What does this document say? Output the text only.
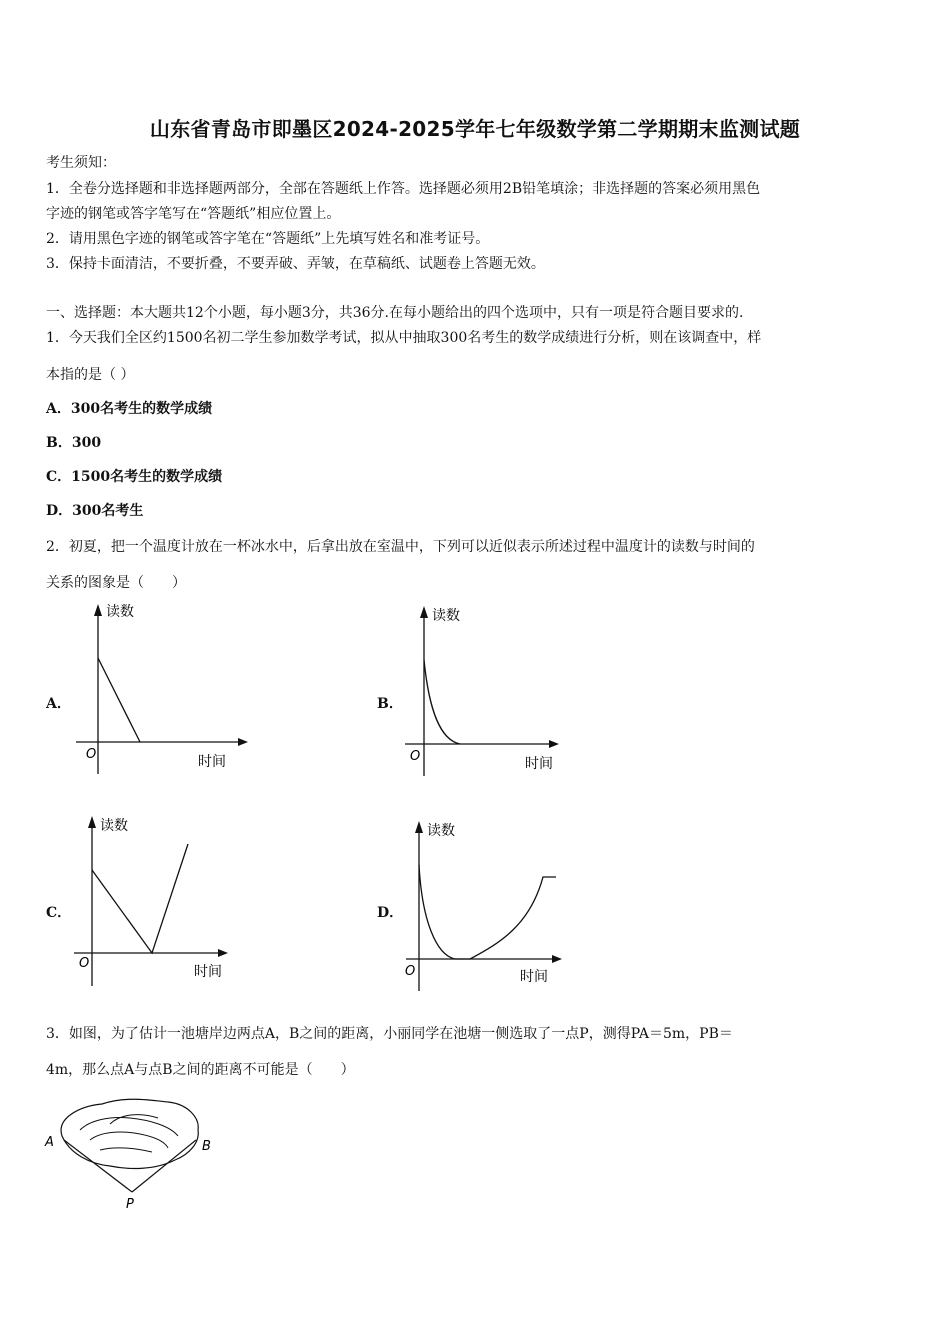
山东省青岛市即墨区2024-2025学年七年级数学第二学期期末监测试题
考生须知：
1．全卷分选择题和非选择题两部分，全部在答题纸上作答。选择题必须用2B铅笔填涂；非选择题的答案必须用黑色
字迹的钢笔或答字笔写在“答题纸”相应位置上。
2．请用黑色字迹的钢笔或答字笔在“答题纸”上先填写姓名和准考证号。
3．保持卡面清洁，不要折叠，不要弄破、弄皱，在草稿纸、试题卷上答题无效。
一、选择题：本大题共12个小题，每小题3分，共36分.在每小题给出的四个选项中，只有一项是符合题目要求的.
1．今天我们全区约1500名初二学生参加数学考试，拟从中抽取300名考生的数学成绩进行分析，则在该调查中，样
本指的是（ ）
A．300名考生的数学成绩
B．300
C．1500名考生的数学成绩
D．300名考生
2．初夏，把一个温度计放在一杯冰水中，后拿出放在室温中，下列可以近似表示所述过程中温度计的读数与时间的
关系的图象是（　　）
A．
读数
时间
O
B．
读数
时间
O
C．
读数
时间
O
D．
读数
时间
O
3．如图，为了估计一池塘岸边两点A，B之间的距离，小丽同学在池塘一侧选取了一点P，测得PA＝5m，PB＝
4m，那么点A与点B之间的距离不可能是（　　）
A	B
P
